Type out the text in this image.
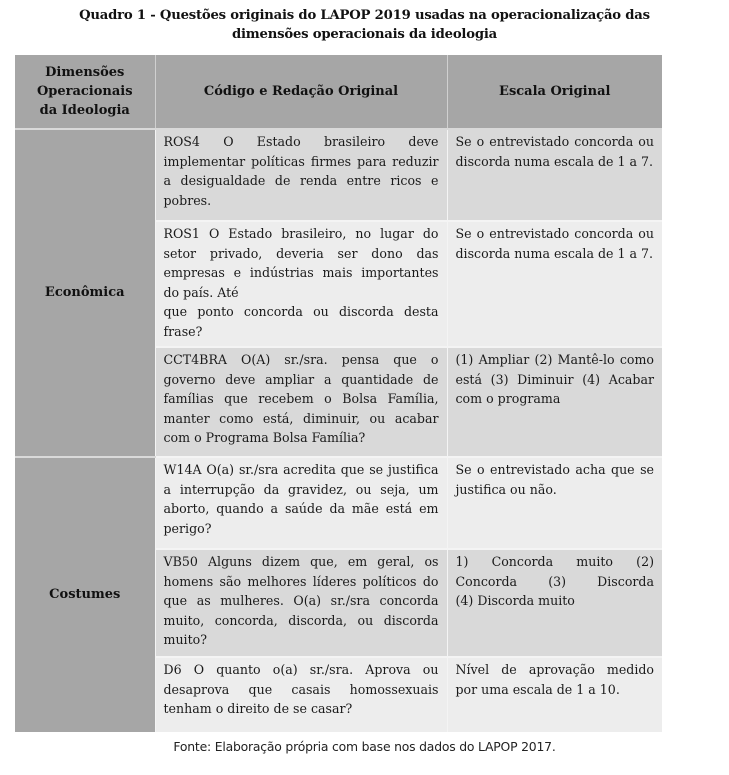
Quadro 1 - Questões originais do LAPOP 2019 usadas na operacionalização das
dimensões operacionais da ideologia
Dimensões
Operacionais
da Ideologia	Código e Redação Original	Escala Original
Econômica	ROS4 O Estado brasileiro deve implementar políticas firmes para reduzir a desigualdade de renda entre ricos e pobres.	Se o entrevistado concorda ou discorda numa escala de 1 a 7.

	ROS1 O Estado brasileiro, no lugar do setor privado, deveria ser dono das empresas e indústrias mais importantes do país. Até
que ponto concorda ou discorda desta frase?	Se o entrevistado concorda ou discorda numa escala de 1 a 7.
	CCT4BRA O(A) sr./sra. pensa que o governo deve ampliar a quantidade de famílias que recebem o Bolsa Família, manter como está, diminuir, ou acabar com o Programa Bolsa Família?	(1) Ampliar (2) Mantê-lo como está (3) Diminuir (4) Acabar com o programa
Costumes	W14A O(a) sr./sra acredita que se justifica a interrupção da gravidez, ou seja, um aborto, quando a saúde da mãe está em perigo?	Se o entrevistado acha que se justifica ou não.
	VB50 Alguns dizem que, em geral, os homens são melhores líderes políticos do que as mulheres. O(a) sr./sra concorda muito, concorda, discorda, ou discorda muito?	1) Concorda muito (2) Concorda (3) Discorda
(4) Discorda muito

	D6 O quanto o(a) sr./sra. Aprova ou desaprova que casais homossexuais tenham o direito de se casar?	Nível de aprovação medido por uma escala de 1 a 10.
Fonte: Elaboração própria com base nos dados do LAPOP 2017.
